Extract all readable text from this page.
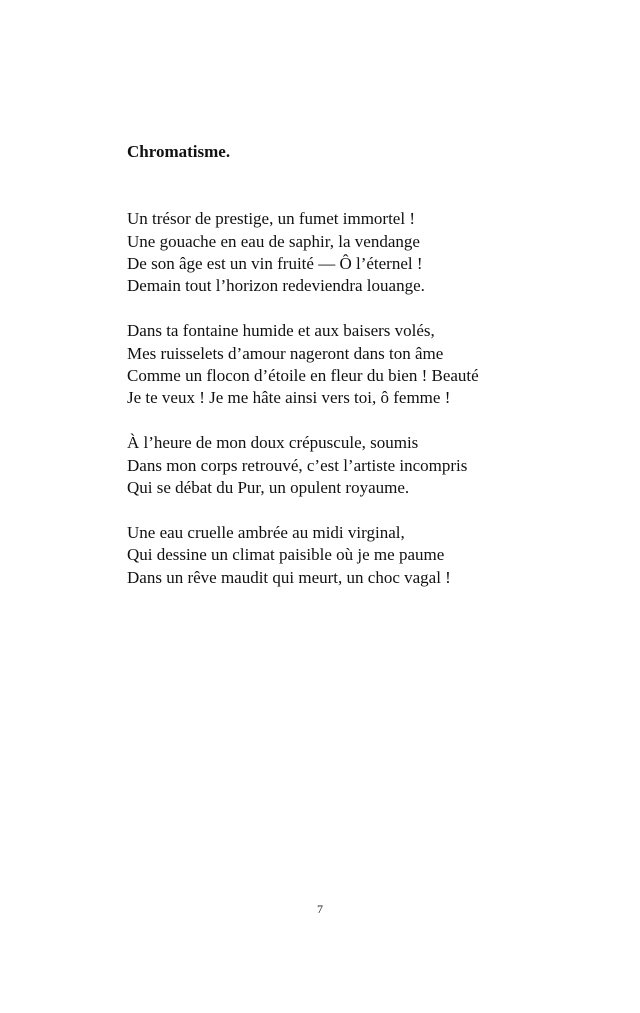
Chromatisme.
Un trésor de prestige, un fumet immortel !
Une gouache en eau de saphir, la vendange
De son âge est un vin fruité — Ô l’éternel !
Demain tout l’horizon redeviendra louange.
Dans ta fontaine humide et aux baisers volés,
Mes ruisselets d’amour nageront dans ton âme
Comme un flocon d’étoile en fleur du bien ! Beauté
Je te veux ! Je me hâte ainsi vers toi, ô femme !
À l’heure de mon doux crépuscule, soumis
Dans mon corps retrouvé, c’est l’artiste incompris
Qui se débat du Pur, un opulent royaume.
Une eau cruelle ambrée au midi virginal,
Qui dessine un climat paisible où je me paume
Dans un rêve maudit qui meurt, un choc vagal !
7
